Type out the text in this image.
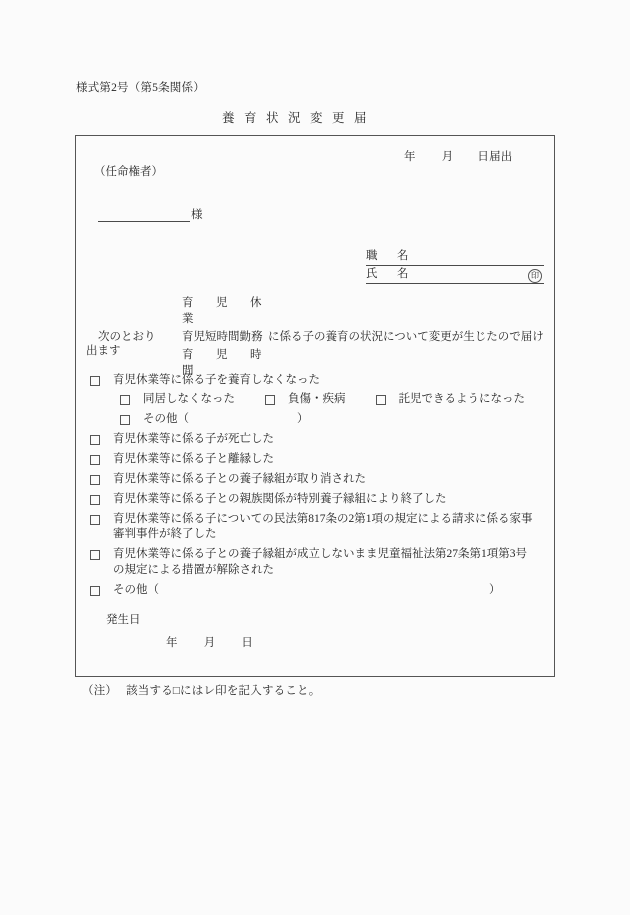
様式第2号（第5条関係）
養育状況変更届
年 月 日届出
（任命権者）
様
職　名
氏　名	印
育　児　休　業
次のとおり	育児短時間勤務 に係る子の養育の状況について変更が生じたので届け
育　児　時　間
出ます
育児休業等に係る子を養育しなくなった
同居しなくなった	負傷・疾病	託児できるようになった
その他（	）
育児休業等に係る子が死亡した
育児休業等に係る子と離縁した
育児休業等に係る子との養子縁組が取り消された
育児休業等に係る子との親族関係が特別養子縁組により終了した
育児休業等に係る子についての民法第817条の2第1項の規定による請求に係る家事
審判事件が終了した
育児休業等に係る子との養子縁組が成立しないまま児童福祉法第27条第1項第3号
の規定による措置が解除された
その他（	）
発生日
年 月 日
（注） 該当する□にはレ印を記入すること。
